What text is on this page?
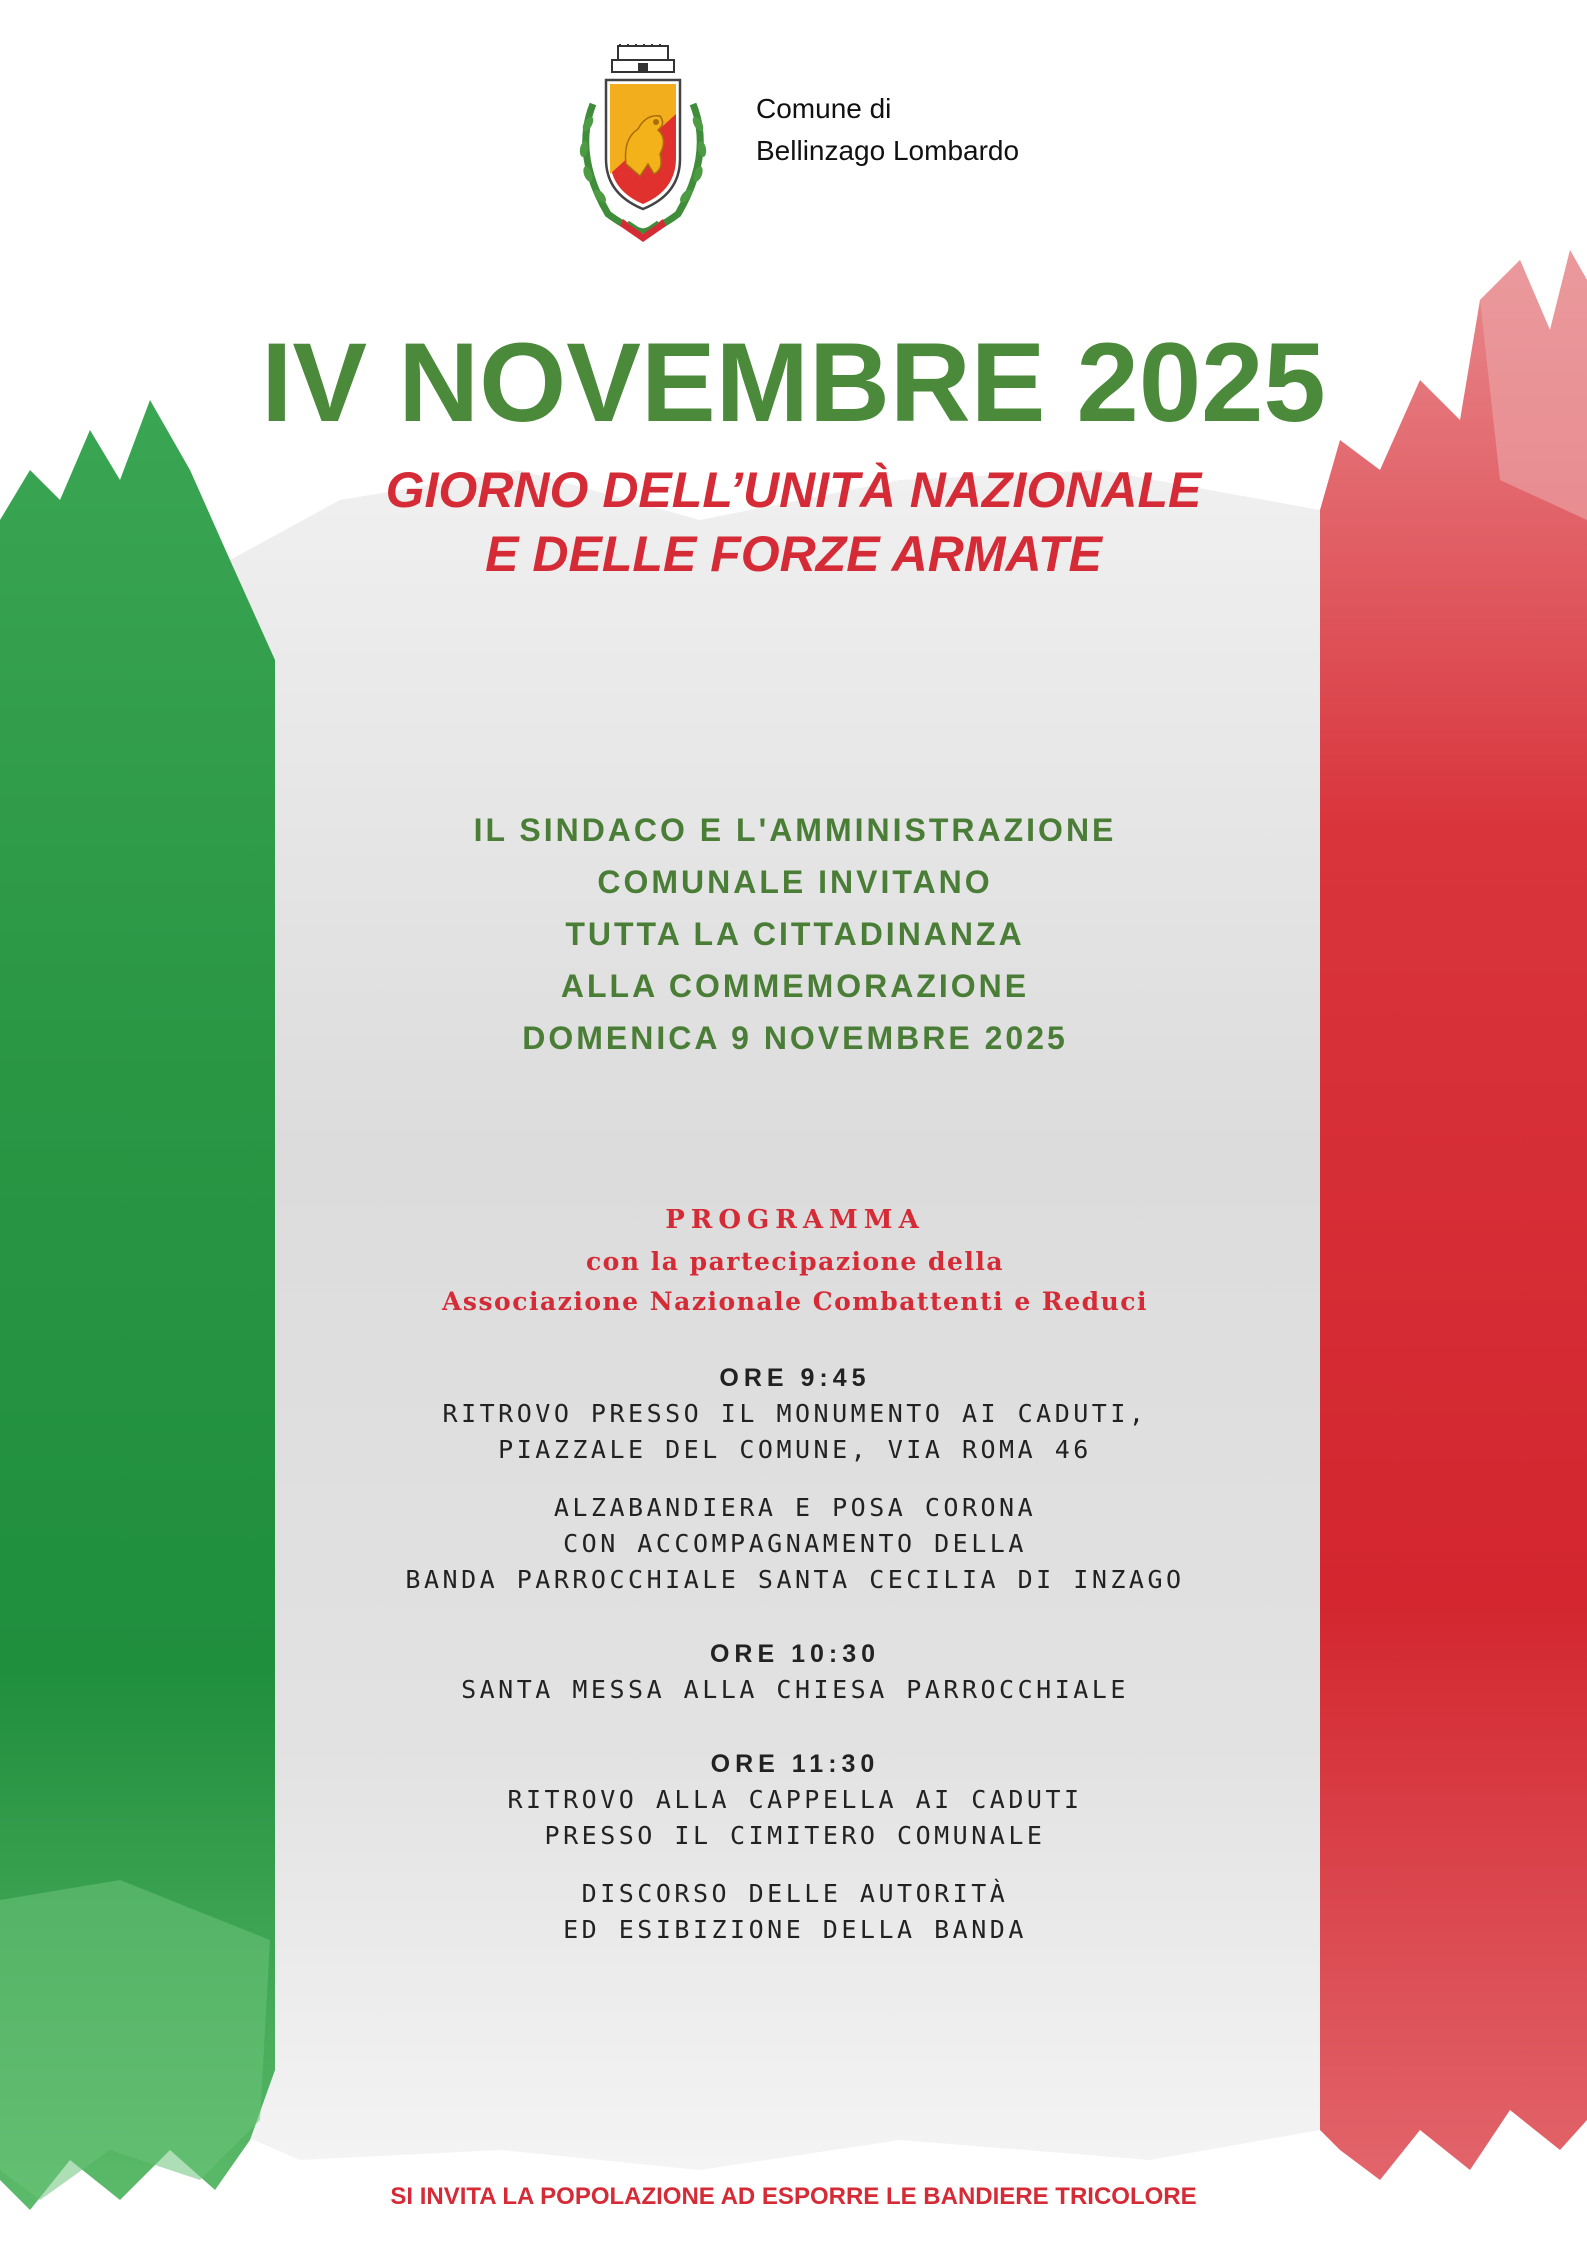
Comune di
Bellinzago Lombardo
IV NOVEMBRE 2025
GIORNO DELL’UNITÀ NAZIONALE
E DELLE FORZE ARMATE
IL SINDACO E L'AMMINISTRAZIONE
COMUNALE INVITANO
TUTTA LA CITTADINANZA
ALLA COMMEMORAZIONE
DOMENICA 9 NOVEMBRE 2025
PROGRAMMA
con la partecipazione della
Associazione Nazionale Combattenti e Reduci
ORE 9:45
RITROVO PRESSO IL MONUMENTO AI CADUTI,
PIAZZALE DEL COMUNE, VIA ROMA 46
ALZABANDIERA E POSA CORONA
CON ACCOMPAGNAMENTO DELLA
BANDA PARROCCHIALE SANTA CECILIA DI INZAGO
ORE 10:30
SANTA MESSA ALLA CHIESA PARROCCHIALE
ORE 11:30
RITROVO ALLA CAPPELLA AI CADUTI
PRESSO IL CIMITERO COMUNALE
DISCORSO DELLE AUTORITÀ
ED ESIBIZIONE DELLA BANDA
SI INVITA LA POPOLAZIONE AD ESPORRE LE BANDIERE TRICOLORE
